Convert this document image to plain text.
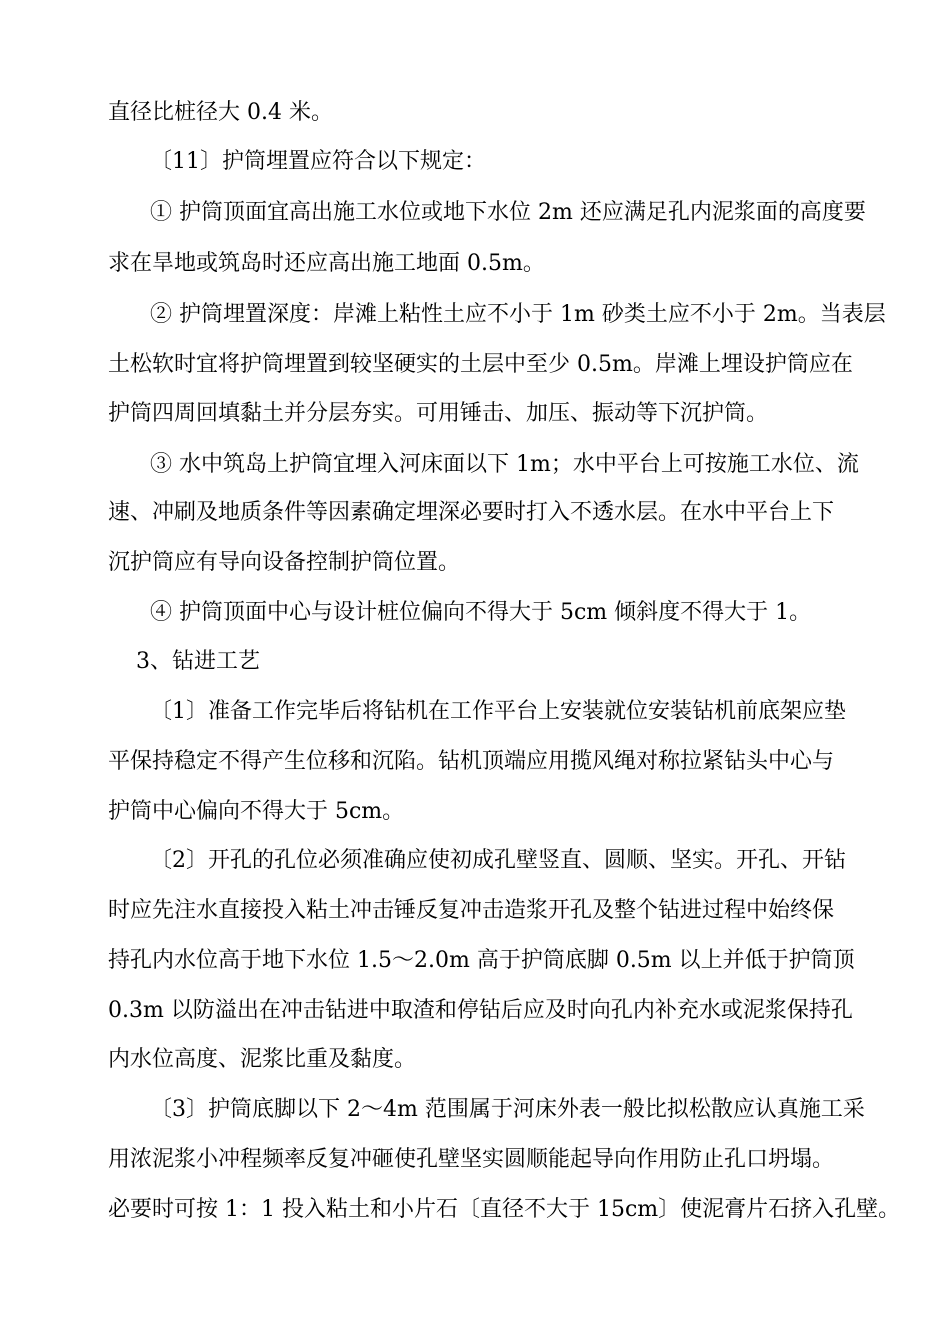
直径比桩径大 0.4 米。
〔11〕护筒埋置应符合以下规定：
① 护筒顶面宜高出施工水位或地下水位 2m 还应满足孔内泥浆面的高度要
求在旱地或筑岛时还应高出施工地面 0.5m。
② 护筒埋置深度：岸滩上粘性土应不小于 1m 砂类土应不小于 2m。当表层
土松软时宜将护筒埋置到较坚硬实的土层中至少 0.5m。岸滩上埋设护筒应在
护筒四周回填黏土并分层夯实。可用锤击、加压、振动等下沉护筒。
③ 水中筑岛上护筒宜埋入河床面以下 1m；水中平台上可按施工水位、流
速、冲刷及地质条件等因素确定埋深必要时打入不透水层。在水中平台上下
沉护筒应有导向设备控制护筒位置。
④ 护筒顶面中心与设计桩位偏向不得大于 5cm 倾斜度不得大于 1。
3、钻进工艺
〔1〕准备工作完毕后将钻机在工作平台上安装就位安装钻机前底架应垫
平保持稳定不得产生位移和沉陷。钻机顶端应用揽风绳对称拉紧钻头中心与
护筒中心偏向不得大于 5cm。
〔2〕开孔的孔位必须准确应使初成孔壁竖直、圆顺、坚实。开孔、开钻
时应先注水直接投入粘土冲击锤反复冲击造浆开孔及整个钻进过程中始终保
持孔内水位高于地下水位 1.5～2.0m 高于护筒底脚 0.5m 以上并低于护筒顶
0.3m 以防溢出在冲击钻进中取渣和停钻后应及时向孔内补充水或泥浆保持孔
内水位高度、泥浆比重及黏度。
〔3〕护筒底脚以下 2～4m 范围属于河床外表一般比拟松散应认真施工采
用浓泥浆小冲程频率反复冲砸使孔壁坚实圆顺能起导向作用防止孔口坍塌。
必要时可按 1：1 投入粘土和小片石〔直径不大于 15cm〕使泥膏片石挤入孔壁。
